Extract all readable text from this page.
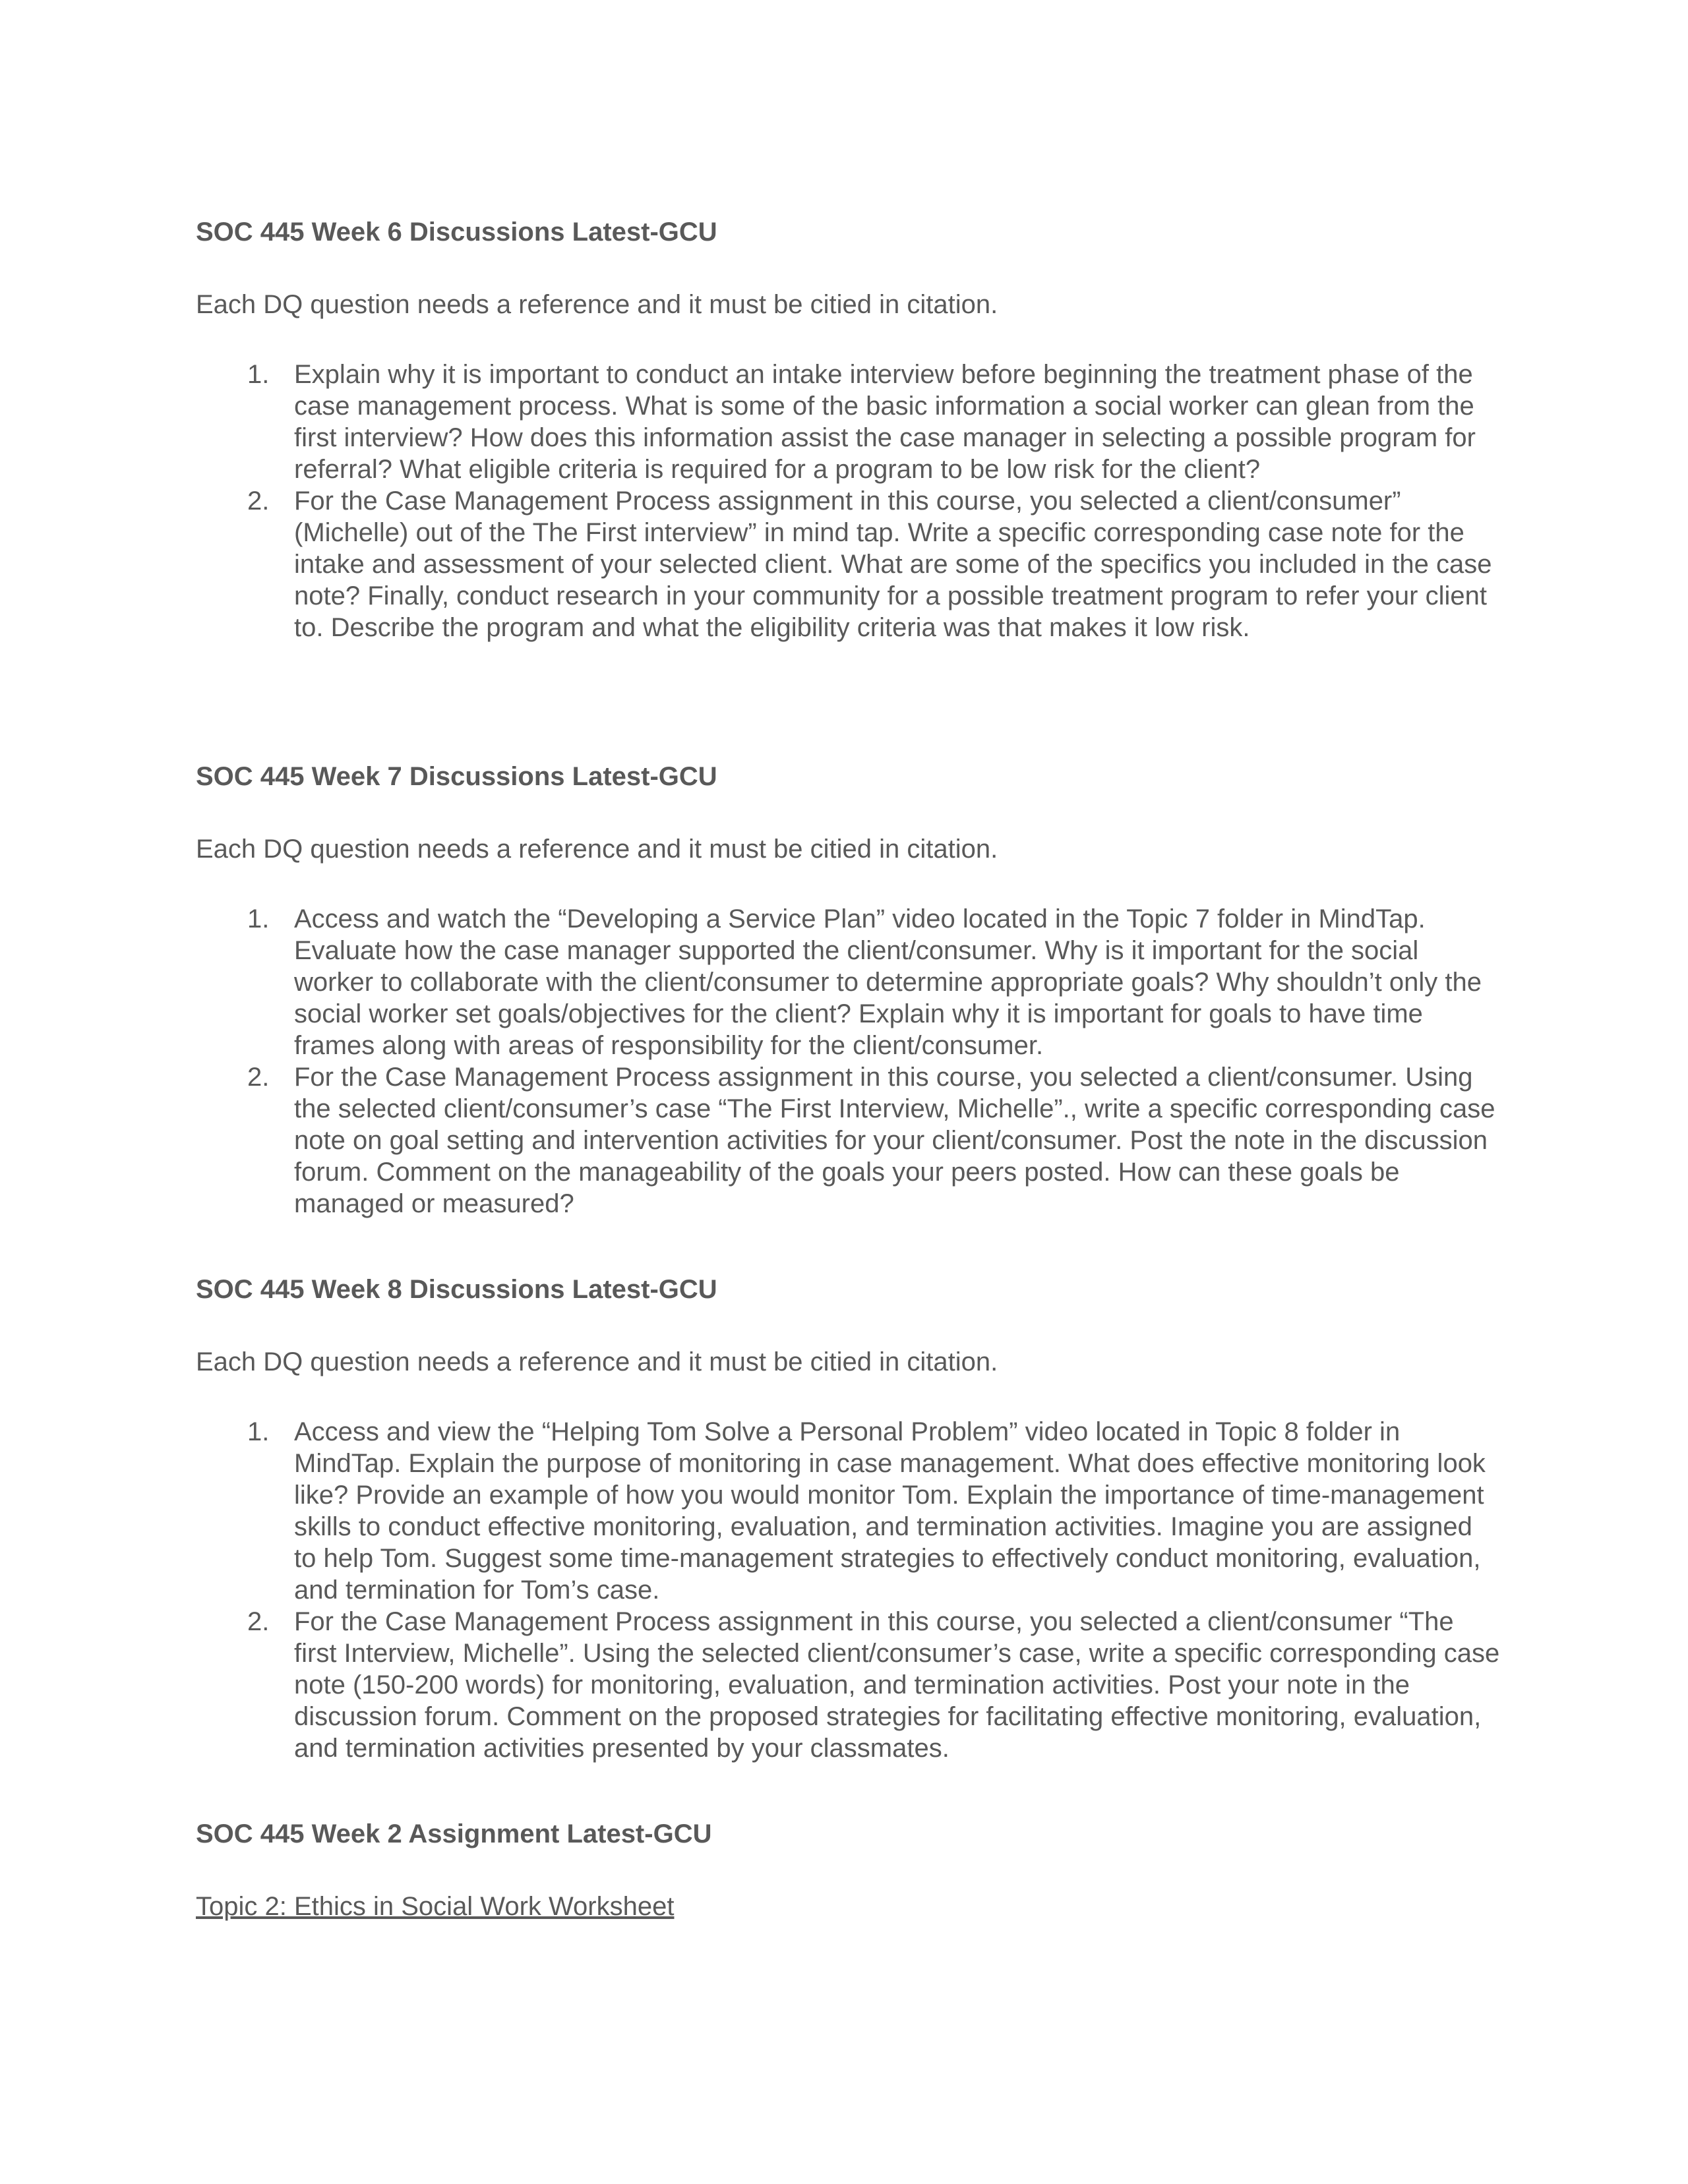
SOC 445 Week 6 Discussions Latest-GCU

Each DQ question needs a reference and it must be citied in citation.

1. Explain why it is important to conduct an intake interview before beginning the treatment phase of the case management process. What is some of the basic information a social worker can glean from the first interview? How does this information assist the case manager in selecting a possible program for referral? What eligible criteria is required for a program to be low risk for the client?
2. For the Case Management Process assignment in this course, you selected a client/consumer” (Michelle) out of the The First interview” in mind tap. Write a specific corresponding case note for the intake and assessment of your selected client. What are some of the specifics you included in the case note? Finally, conduct research in your community for a possible treatment program to refer your client to. Describe the program and what the eligibility criteria was that makes it low risk.
SOC 445 Week 7 Discussions Latest-GCU

Each DQ question needs a reference and it must be citied in citation.

1. Access and watch the “Developing a Service Plan” video located in the Topic 7 folder in MindTap. Evaluate how the case manager supported the client/consumer. Why is it important for the social worker to collaborate with the client/consumer to determine appropriate goals? Why shouldn’t only the social worker set goals/objectives for the client? Explain why it is important for goals to have time frames along with areas of responsibility for the client/consumer.
2. For the Case Management Process assignment in this course, you selected a client/consumer. Using the selected client/consumer’s case “The First Interview, Michelle”., write a specific corresponding case note on goal setting and intervention activities for your client/consumer. Post the note in the discussion forum. Comment on the manageability of the goals your peers posted. How can these goals be managed or measured?
SOC 445 Week 8 Discussions Latest-GCU

Each DQ question needs a reference and it must be citied in citation.

1. Access and view the “Helping Tom Solve a Personal Problem” video located in Topic 8 folder in MindTap. Explain the purpose of monitoring in case management. What does effective monitoring look like? Provide an example of how you would monitor Tom. Explain the importance of time-management skills to conduct effective monitoring, evaluation, and termination activities. Imagine you are assigned to help Tom. Suggest some time-management strategies to effectively conduct monitoring, evaluation, and termination for Tom’s case.
2. For the Case Management Process assignment in this course, you selected a client/consumer “The first Interview, Michelle”. Using the selected client/consumer’s case, write a specific corresponding case note (150-200 words) for monitoring, evaluation, and termination activities. Post your note in the discussion forum. Comment on the proposed strategies for facilitating effective monitoring, evaluation, and termination activities presented by your classmates.
SOC 445 Week 2 Assignment Latest-GCU
Topic 2: Ethics in Social Work Worksheet
